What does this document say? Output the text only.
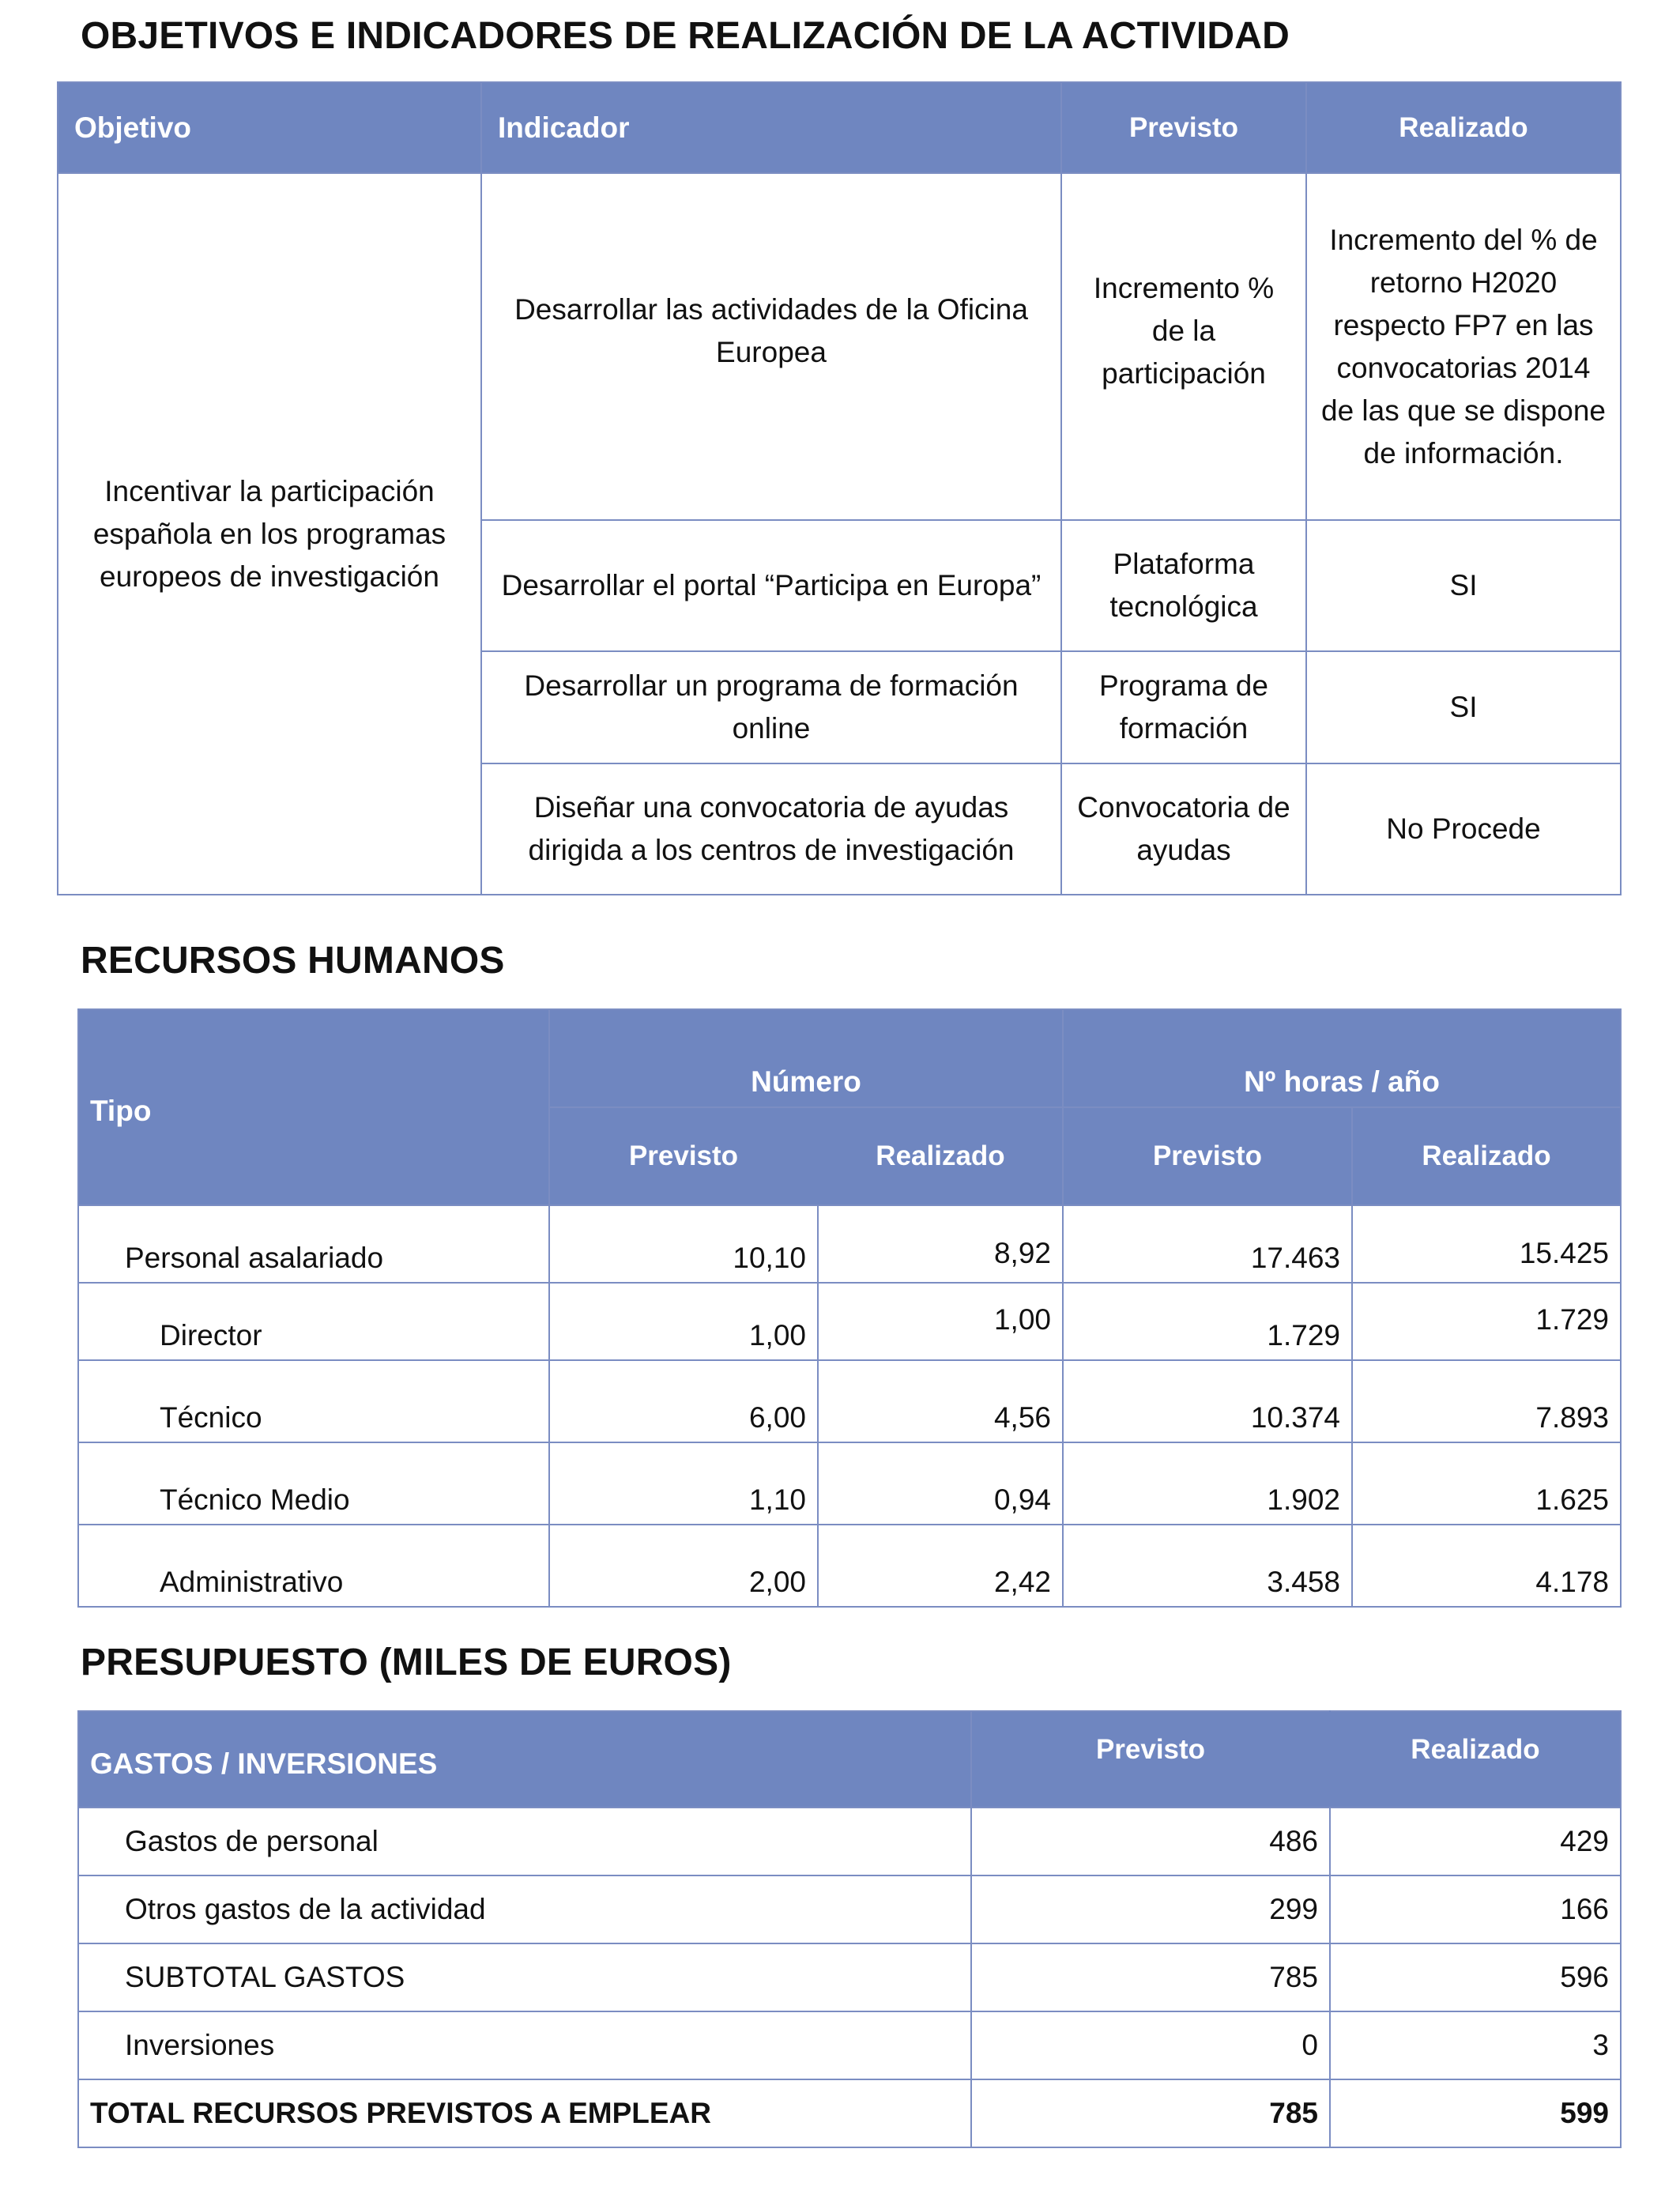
OBJETIVOS E INDICADORES DE REALIZACIÓN DE LA ACTIVIDAD
Objetivo	Indicador	Previsto	Realizado

Incentivar la participación española en los programas europeos de investigación	Desarrollar las actividades de la Oficina Europea	Incremento % de la participación	Incremento del % de retorno H2020 respecto FP7 en las convocatorias 2014 de las que se dispone de información.

	Desarrollar el portal “Participa en Europa”	Plataforma tecnológica	SI

	Desarrollar un programa de formación online	Programa de formación	SI

	Diseñar una convocatoria de ayudas dirigida a los centros de investigación	Convocatoria de ayudas	No Procede
RECURSOS HUMANOS
Tipo	Número		Nº horas / año	
	Previsto	Realizado	Previsto	Realizado
Personal asalariado	10,10	8,92	17.463	15.425
Director	1,00	1,00	1.729	1.729
Técnico	6,00	4,56	10.374	7.893
Técnico Medio	1,10	0,94	1.902	1.625
Administrativo	2,00	2,42	3.458	4.178
PRESUPUESTO (MILES DE EUROS)
GASTOS / INVERSIONES	Previsto	Realizado
Gastos de personal	486	429
Otros gastos de la actividad	299	166
SUBTOTAL GASTOS	785	596
Inversiones	0	3
TOTAL RECURSOS PREVISTOS A EMPLEAR	785	599
